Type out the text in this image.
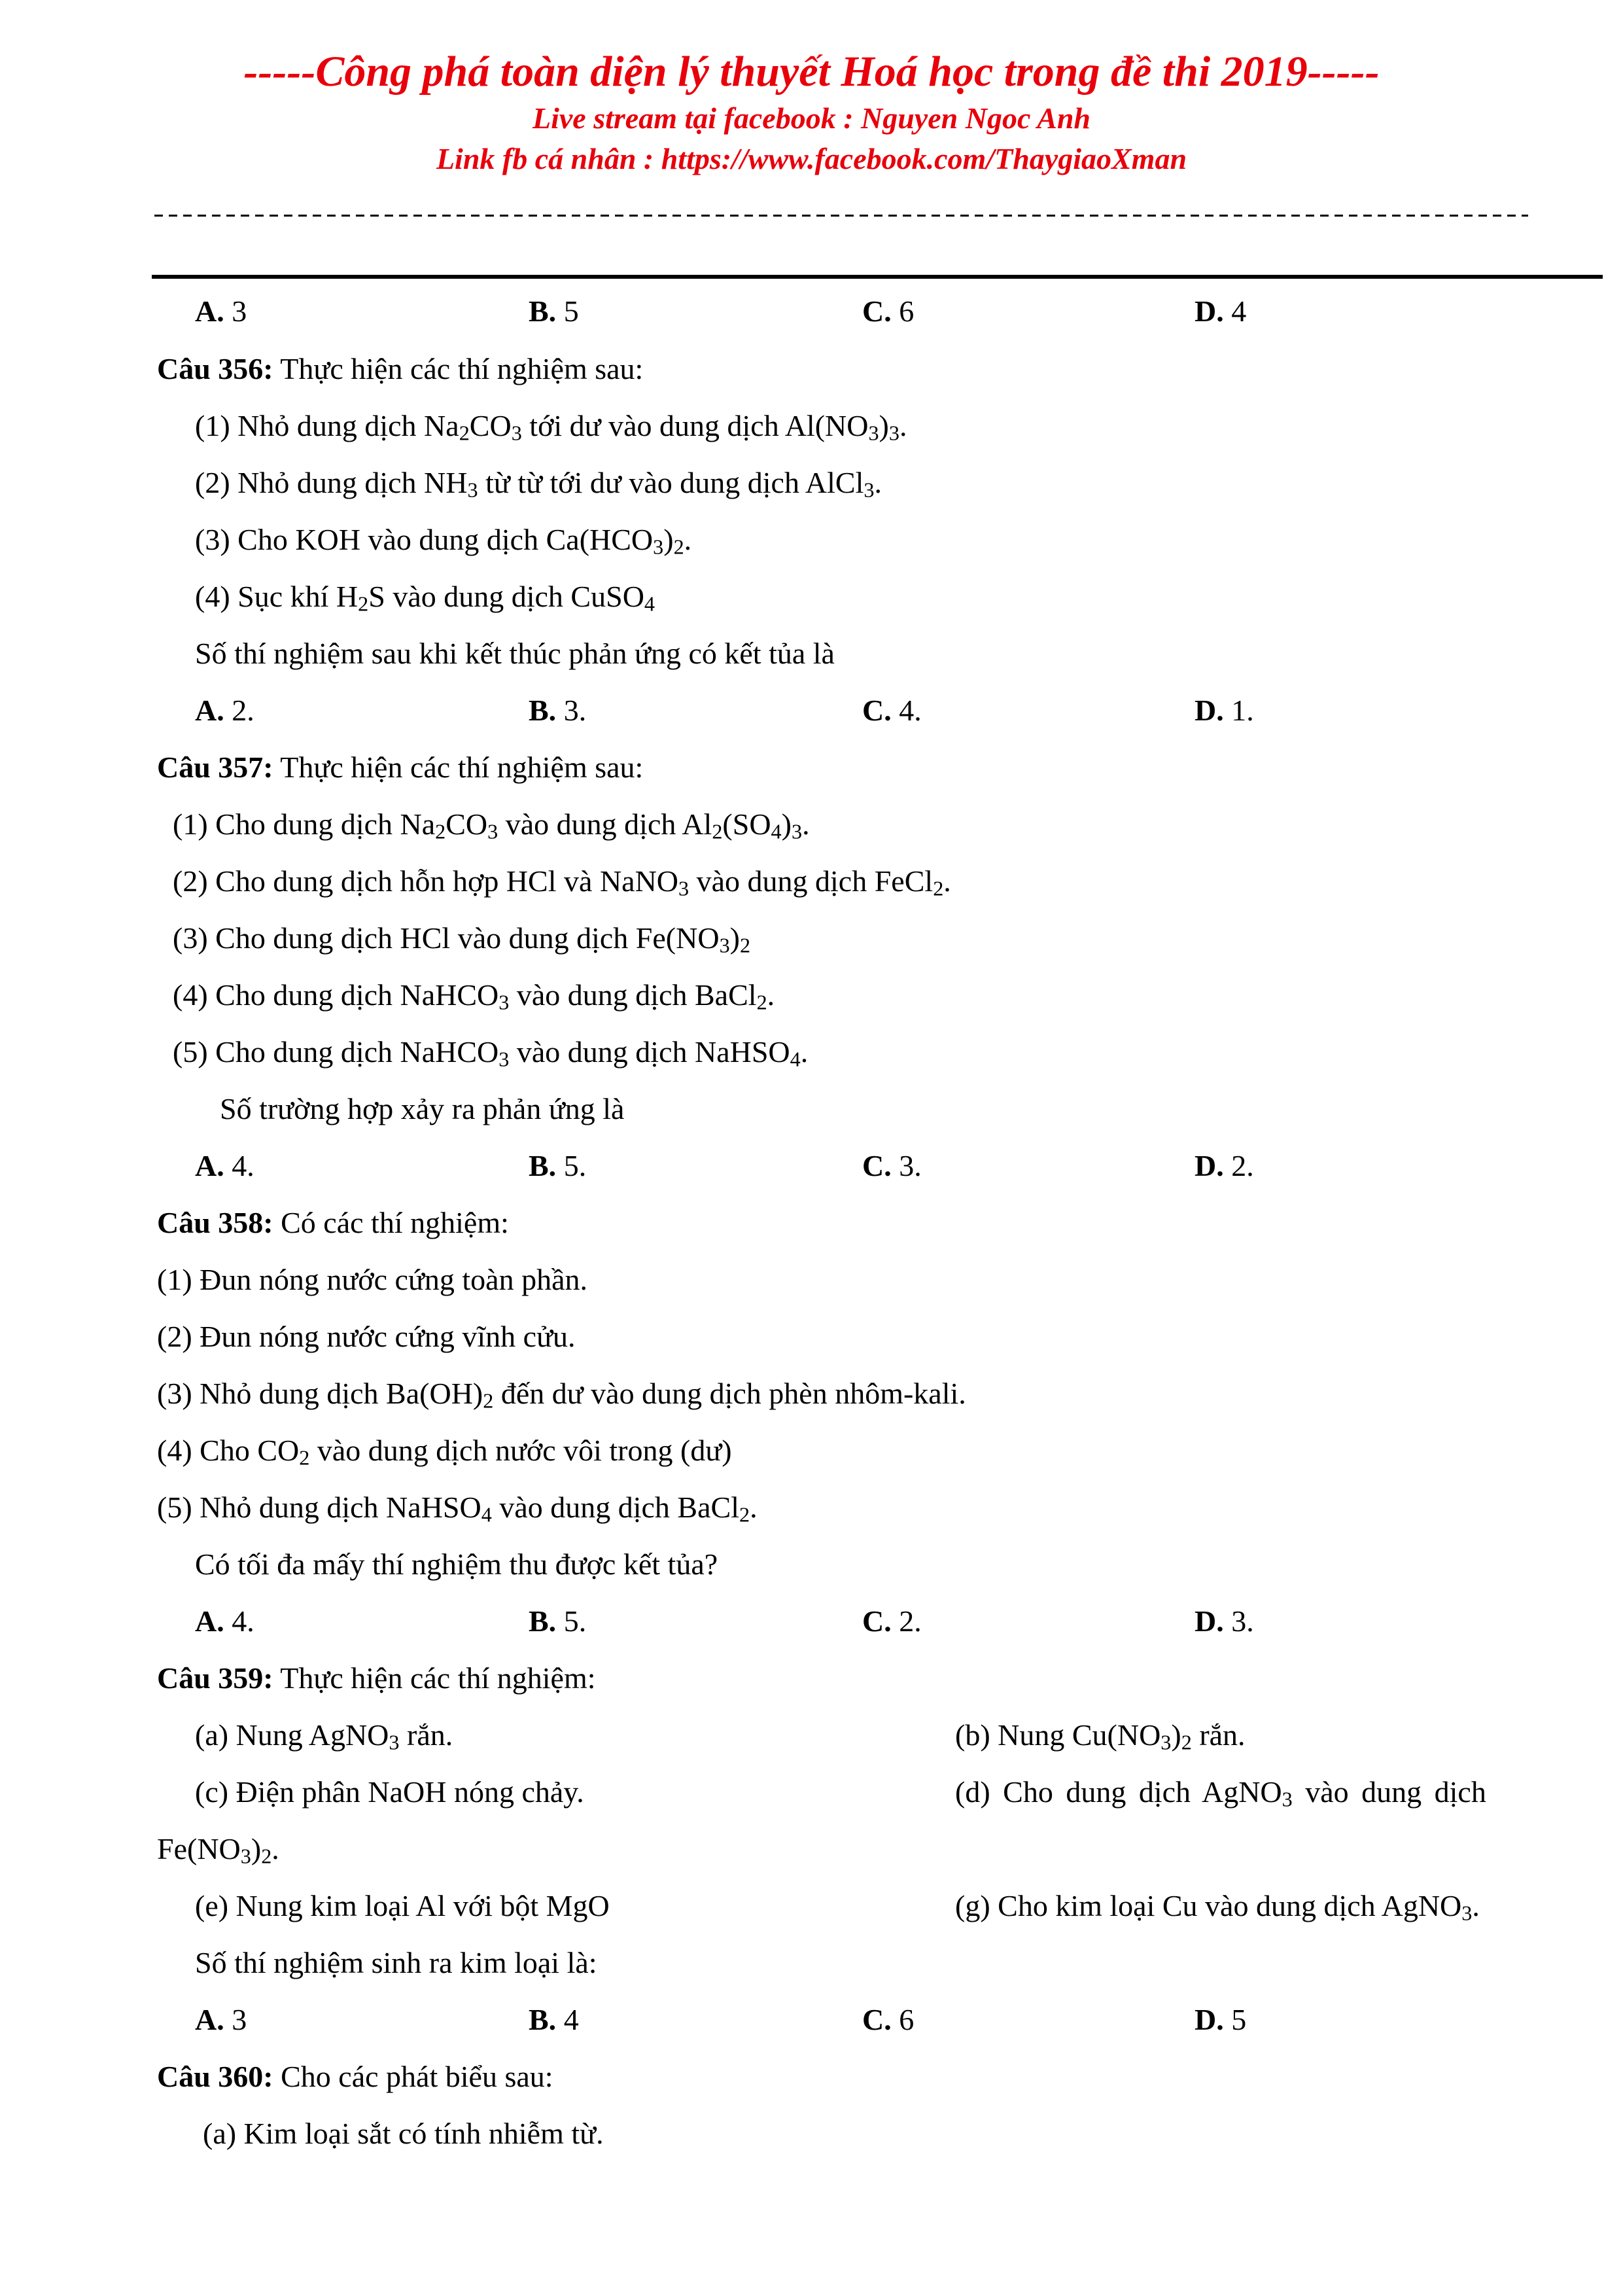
-----Công phá toàn diện lý thuyết Hoá học trong đề thi 2019-----
Live stream tại facebook : Nguyen Ngoc Anh
Link fb cá nhân : https://www.facebook.com/ThaygiaoXman
A. 3	B. 5	C. 6	D. 4
Câu 356: Thực hiện các thí nghiệm sau:
(1) Nhỏ dung dịch $Na_2CO_3$ tới dư vào dung dịch $Al(NO_3)_3$.
(2) Nhỏ dung dịch $NH_3$ từ từ tới dư vào dung dịch AlCl$_3$.
(3) Cho KOH vào dung dịch $Ca(HCO_3)_2$.
(4) Sục khí $H_2S$ vào dung dịch CuSO$_4$
Số thí nghiệm sau khi kết thúc phản ứng có kết tủa là
A. 2.	B. 3.	C. 4.	D. 1.
Câu 357: Thực hiện các thí nghiệm sau:
(1) Cho dung dịch $Na_2CO_3$ vào dung dịch $Al_2(SO_4)_3$.
(2) Cho dung dịch hỗn hợp HCl và NaNO$_3$ vào dung dịch FeCl$_2$.
(3) Cho dung dịch HCl vào dung dịch $Fe(NO_3)_2$
(4) Cho dung dịch NaHCO$_3$ vào dung dịch BaCl$_2$.
(5) Cho dung dịch NaHCO$_3$ vào dung dịch NaHSO$_4$.
Số trường hợp xảy ra phản ứng là
A. 4.	B. 5.	C. 3.	D. 2.
Câu 358: Có các thí nghiệm:
(1) Đun nóng nước cứng toàn phần.
(2) Đun nóng nước cứng vĩnh cửu.
(3) Nhỏ dung dịch $Ba(OH)_2$ đến dư vào dung dịch phèn nhôm-kali.
(4) Cho $CO_2$ vào dung dịch nước vôi trong (dư)
(5) Nhỏ dung dịch NaHSO$_4$ vào dung dịch BaCl$_2$.
Có tối đa mấy thí nghiệm thu được kết tủa?
A. 4.	B. 5.	C. 2.	D. 3.
Câu 359: Thực hiện các thí nghiệm:
(a) Nung AgNO$_3$ rắn.	(b) Nung $Cu(NO_3)_2$ rắn.
(c) Điện phân NaOH nóng chảy.	(d) Cho dung dịch AgNO$_3$ vào dung dịch
$Fe(NO_3)_2$.
(e) Nung kim loại Al với bột MgO	(g) Cho kim loại Cu vào dung dịch AgNO$_3$.
Số thí nghiệm sinh ra kim loại là:
A. 3	B. 4	C. 6	D. 5
Câu 360: Cho các phát biểu sau:
(a) Kim loại sắt có tính nhiễm từ.
